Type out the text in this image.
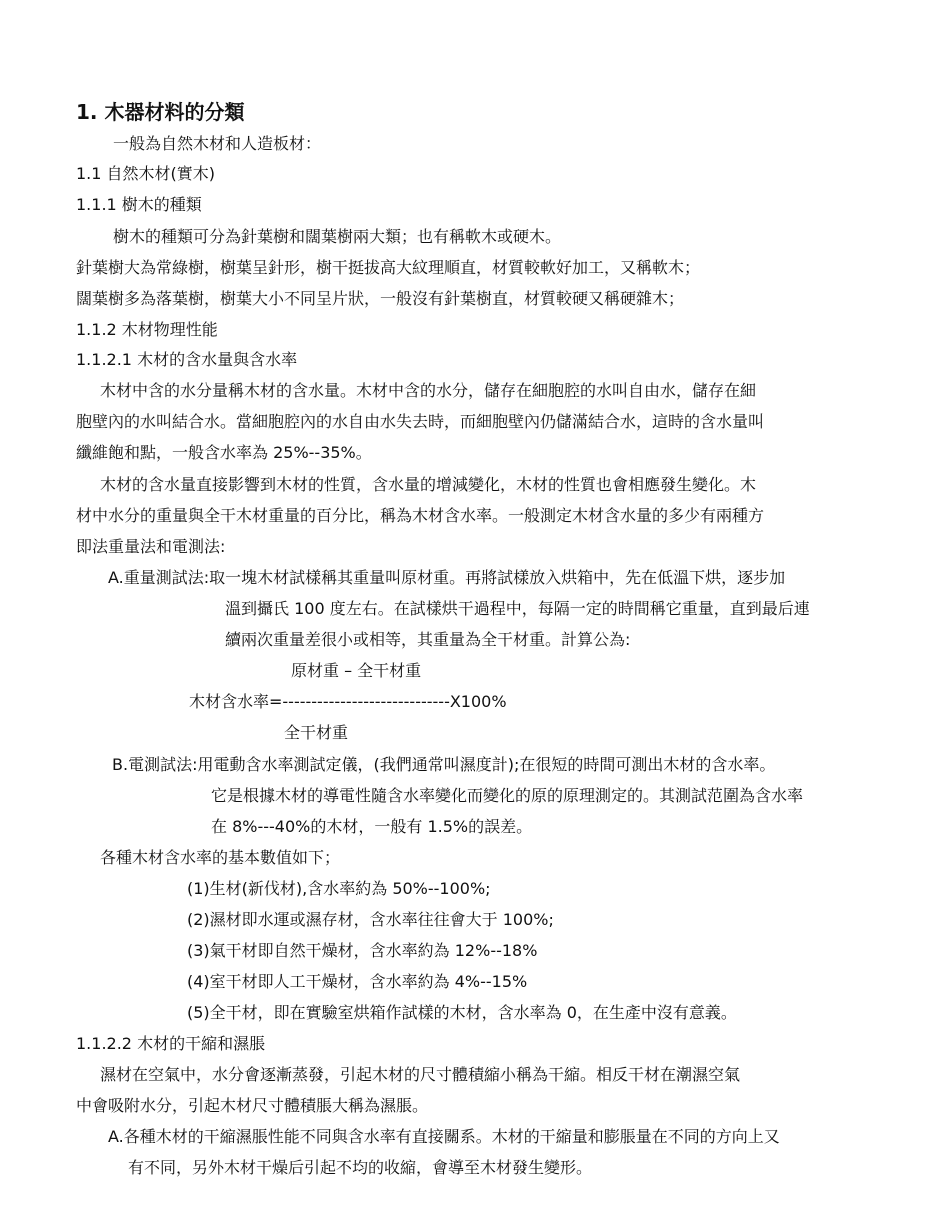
1. 木器材料的分類
一般為自然木材和人造板材：
1.1 自然木材(實木)
1.1.1 樹木的種類
樹木的種類可分為針葉樹和闊葉樹兩大類；也有稱軟木或硬木。
針葉樹大為常綠樹，樹葉呈針形，樹干挺拔高大紋理順直，材質較軟好加工，又稱軟木；
闊葉樹多為落葉樹，樹葉大小不同呈片狀，一般沒有針葉樹直，材質較硬又稱硬雜木；
1.1.2 木材物理性能
1.1.2.1 木材的含水量與含水率
木材中含的水分量稱木材的含水量。木材中含的水分，儲存在細胞腔的水叫自由水，儲存在細
胞壁內的水叫結合水。當細胞腔內的水自由水失去時，而細胞壁內仍儲滿結合水，這時的含水量叫
纖維飽和點，一般含水率為 25%--35%。
木材的含水量直接影響到木材的性質，含水量的增減變化，木材的性質也會相應發生變化。木
材中水分的重量與全干木材重量的百分比，稱為木材含水率。一般測定木材含水量的多少有兩種方
即法重量法和電測法:
A.重量測試法:取一塊木材試樣稱其重量叫原材重。再將試樣放入烘箱中，先在低溫下烘，逐步加
溫到攝氏 100 度左右。在試樣烘干過程中，每隔一定的時間稱它重量，直到最后連
續兩次重量差很小或相等，其重量為全干材重。計算公為:
原材重 – 全干材重
木材含水率=-----------------------------X100%
全干材重
B.電測試法:用電動含水率測試定儀，(我們通常叫濕度計);在很短的時間可測出木材的含水率。
它是根據木材的導電性隨含水率變化而變化的原的原理測定的。其測試范圍為含水率
在 8%---40%的木材，一般有 1.5%的誤差。
各種木材含水率的基本數值如下；
(1)生材(新伐材),含水率約為 50%--100%;
(2)濕材即水運或濕存材，含水率往往會大于 100%;
(3)氣干材即自然干燥材，含水率約為 12%--18%
(4)室干材即人工干燥材，含水率約為 4%--15%
(5)全干材，即在實驗室烘箱作試樣的木材，含水率為 0，在生產中沒有意義。
1.1.2.2 木材的干縮和濕脹
濕材在空氣中，水分會逐漸蒸發，引起木材的尺寸體積縮小稱為干縮。相反干材在潮濕空氣
中會吸附水分，引起木材尺寸體積脹大稱為濕脹。
A.各種木材的干縮濕脹性能不同與含水率有直接關系。木材的干縮量和膨脹量在不同的方向上又
有不同，另外木材干燥后引起不均的收縮，會導至木材發生變形。
